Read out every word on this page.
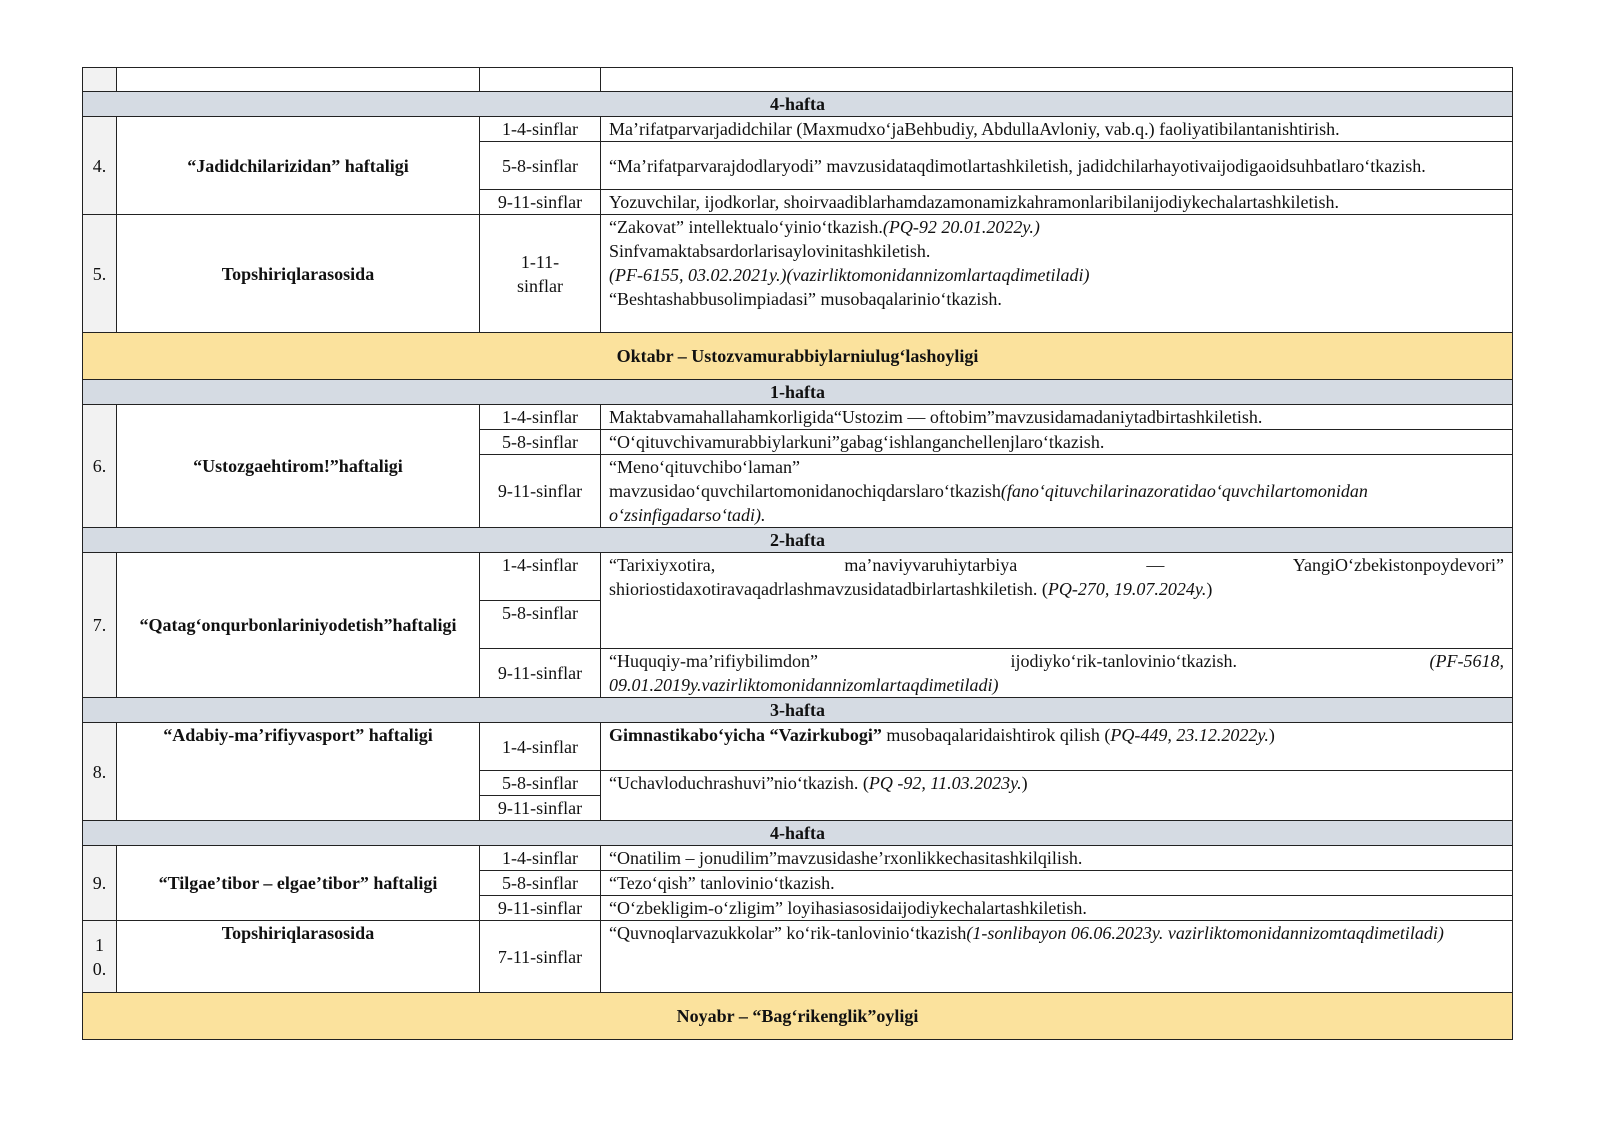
4-hafta			
4.	“Jadidchilarizidan” haftaligi	1-4-sinflar	Ma’rifatparvarjadidchilar (Maxmudxo‘jaBehbudiy, AbdullaAvloniy, vab.q.) faoliyatibilantanishtirish.
		5-8-sinflar	“Ma’rifatparvarajdodlaryodi” mavzusidataqdimotlartashkiletish, jadidchilarhayotivaijodigaoidsuhbatlaro‘tkazish.
		9-11-sinflar	Yozuvchilar, ijodkorlar, shoirvaadiblarhamdazamonamizkahramonlaribilanijodiykechalartashkiletish.
5.	Topshiriqlarasosida	1-11-sinflar	“Zakovat” intellektualo‘yinio‘tkazish.(PQ-92 20.01.2022y.)
Sinfvamaktabsardorlarisaylovinitashkiletish.
(PF-6155, 03.02.2021y.)(vazirliktomonidannizomlartaqdimetiladi)
“Beshtashabbusolimpiadasi” musobaqalarinio‘tkazish.

Oktabr – Ustozvamurabbiylarniulug‘lashoyligi			
1-hafta			
6.	“Ustozgaehtirom!”haftaligi	1-4-sinflar	Maktabvamahallahamkorligida“Ustozim — oftobim”mavzusidamadaniytadbirtashkiletish.
		5-8-sinflar	“O‘qituvchivamurabbiylarkuni”gabag‘ishlanganchellenjlaro‘tkazish.
		9-11-sinflar	“Meno‘qituvchibo‘laman” mavzusidao‘quvchilartomonidanochiqdarslaro‘tkazish(fano‘qituvchilarinazoratidao‘quvchilartomonidan o‘zsinfigadarso‘tadi).
2-hafta			
7.	“Qatag‘onqurbonlariniyodetish”haftaligi	1-4-sinflar	“Tarixiyxotira, ma’naviyvaruhiytarbiya — YangiO‘zbekistonpoydevori” shioriostidaxotiravaqadrlashmavzusidatadbirlartashkiletish. (PQ-270, 19.07.2024y.)
		5-8-sinflar	
		9-11-sinflar	“Huquqiy-ma’rifiybilimdon” ijodiyko‘rik-tanlovinio‘tkazish. (PF-5618, 09.01.2019y.vazirliktomonidannizomlartaqdimetiladi)
3-hafta			
8.	“Adabiy-ma’rifiyvasport” haftaligi	1-4-sinflar	Gimnastikabo‘yicha “Vazirkubogi” musobaqalaridaishtirok qilish (PQ-449, 23.12.2022y.)
		5-8-sinflar	“Uchavloduchrashuvi”nio‘tkazish. (PQ -92, 11.03.2023y.)
		9-11-sinflar	
4-hafta			
9.	“Tilgae’tibor – elgae’tibor” haftaligi	1-4-sinflar	“Onatilim – jonudilim”mavzusidashe’rxonlikkechasitashkilqilish.
		5-8-sinflar	“Tezo‘qish” tanlovinio‘tkazish.
		9-11-sinflar	“O‘zbekligim-o‘zligim” loyihasiasosidaijodiykechalartashkiletish.
10.	Topshiriqlarasosida	7-11-sinflar	“Quvnoqlarvazukkolar” ko‘rik-tanlovinio‘tkazish(1-sonlibayon 06.06.2023y. vazirliktomonidannizomtaqdimetiladi)
Noyabr – “Bag‘rikenglik”oyligi			
